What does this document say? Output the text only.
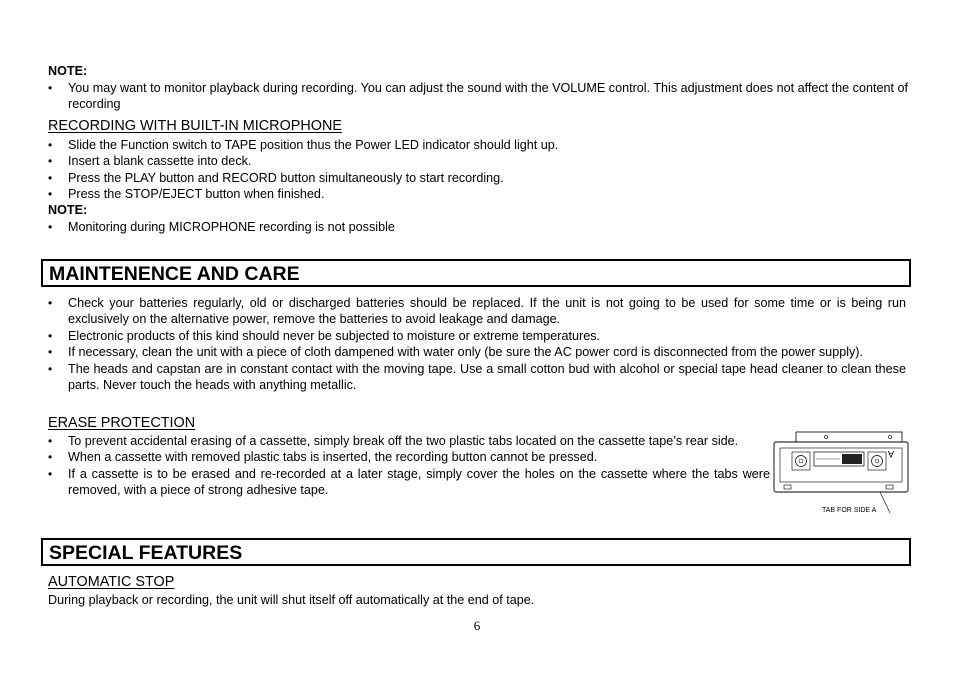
NOTE:
• You may want to monitor playback during recording. You can adjust the sound with the VOLUME control. This adjustment does not affect the content of recording
RECORDING WITH BUILT-IN MICROPHONE
• Slide the Function switch to TAPE position thus the Power LED indicator should light up.
• Insert a blank cassette into deck.
• Press the PLAY button and RECORD button simultaneously to start recording.
• Press the STOP/EJECT button when finished.
NOTE:
• Monitoring during MICROPHONE recording is not possible
MAINTENENCE AND CARE
• Check your batteries regularly, old or discharged batteries should be replaced. If the unit is not going to be used for some time or is being run exclusively on the alternative power, remove the batteries to avoid leakage and damage.
• Electronic products of this kind should never be subjected to moisture or extreme temperatures.
• If necessary, clean the unit with a piece of cloth dampened with water only (be sure the AC power cord is disconnected from the power supply).
• The heads and capstan are in constant contact with the moving tape. Use a small cotton bud with alcohol or special tape head cleaner to clean these parts. Never touch the heads with anything metallic.
ERASE PROTECTION
• To prevent accidental erasing of a cassette, simply break off the two plastic tabs located on the cassette tape’s rear side.
• When a cassette with removed plastic tabs is inserted, the recording button cannot be pressed.
• If a cassette is to be erased and re-recorded at a later stage, simply cover the holes on the cassette where the tabs were removed, with a piece of strong adhesive tape.
A
TAB FOR SIDE A
SPECIAL FEATURES
AUTOMATIC STOP
During playback or recording, the unit will shut itself off automatically at the end of tape.
6
